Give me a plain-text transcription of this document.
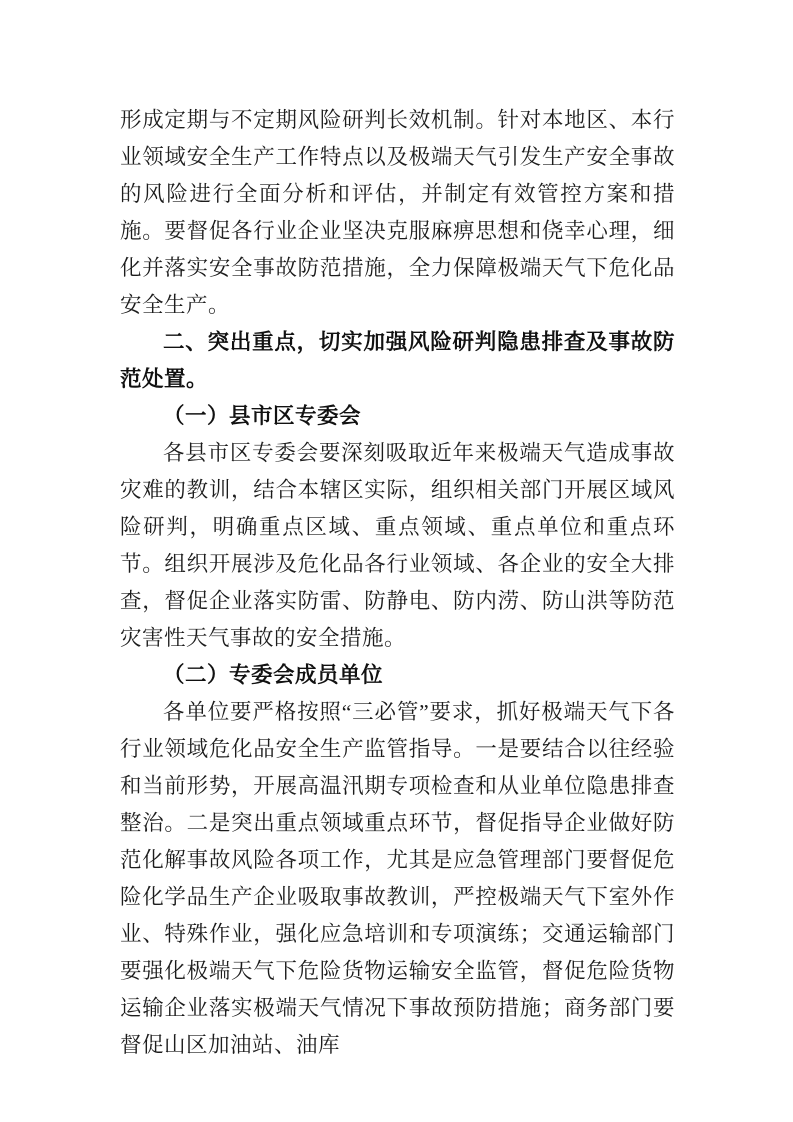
形成定期与不定期风险研判长效机制。针对本地区、本行业领域安全生产工作特点以及极端天气引发生产安全事故的风险进行全面分析和评估，并制定有效管控方案和措施。要督促各行业企业坚决克服麻痹思想和侥幸心理，细化并落实安全事故防范措施，全力保障极端天气下危化品安全生产。

二、突出重点，切实加强风险研判隐患排查及事故防范处置。

（一）县市区专委会

各县市区专委会要深刻吸取近年来极端天气造成事故灾难的教训，结合本辖区实际，组织相关部门开展区域风险研判，明确重点区域、重点领域、重点单位和重点环节。组织开展涉及危化品各行业领域、各企业的安全大排查，督促企业落实防雷、防静电、防内涝、防山洪等防范灾害性天气事故的安全措施。

（二）专委会成员单位

各单位要严格按照“三必管”要求，抓好极端天气下各行业领域危化品安全生产监管指导。一是要结合以往经验和当前形势，开展高温汛期专项检查和从业单位隐患排查整治。二是突出重点领域重点环节，督促指导企业做好防范化解事故风险各项工作，尤其是应急管理部门要督促危险化学品生产企业吸取事故教训，严控极端天气下室外作业、特殊作业，强化应急培训和专项演练；交通运输部门要强化极端天气下危险货物运输安全监管，督促危险货物运输企业落实极端天气情况下事故预防措施；商务部门要督促山区加油站、油库
